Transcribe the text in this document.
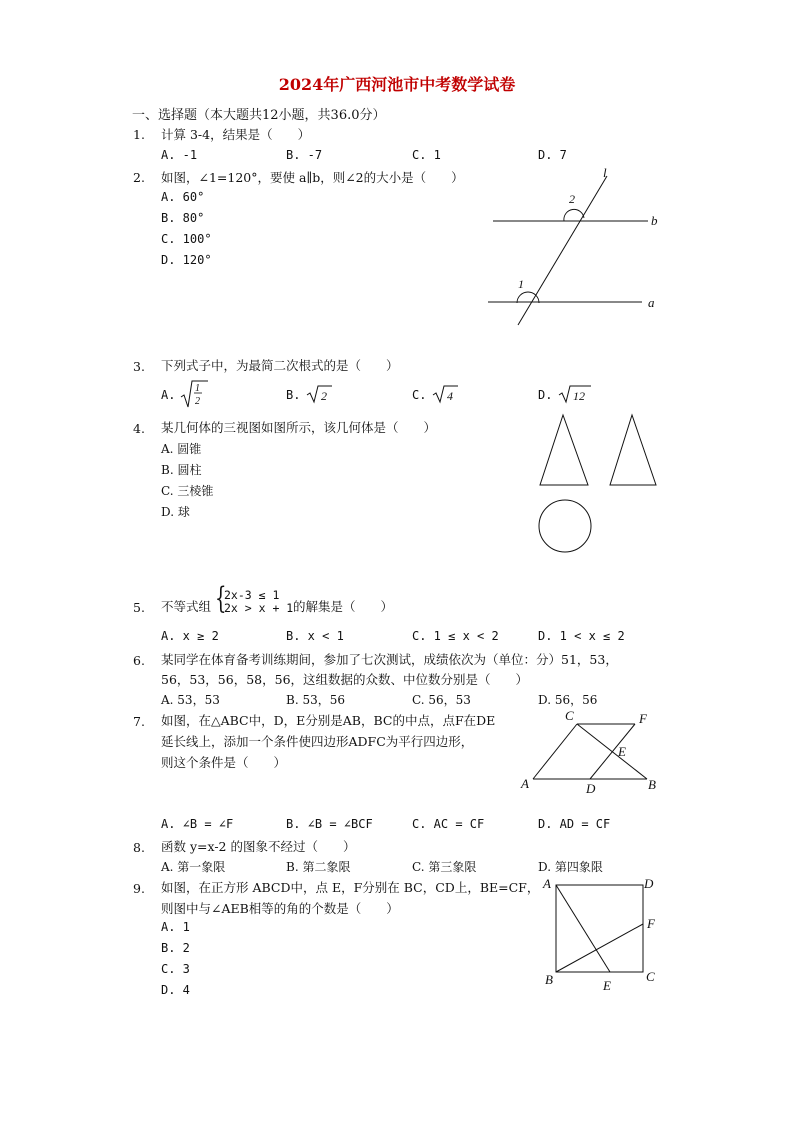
2024年广西河池市中考数学试卷
一、选择题（本大题共12小题，共36.0分）
1. 计算 3-4，结果是（　　）
A. -1	B. -7	C. 1	D. 7
2. 如图，∠1=120°，要使 a∥b，则∠2的大小是（　　）
A. 60°
B. 80°
C. 100°
D. 120°
l
b
a
1
2
3. 下列式子中，为最简二次根式的是（　　）
A. 1
2	B. 2	C. 4	D. 12
4. 某几何体的三视图如图所示，该几何体是（　　）
A. 圆锥
B. 圆柱
C. 三棱锥
D. 球
5. 不等式组 {
2x-3 ≤ 1
2x > x + 1 的解集是（　　）
A. x ≥ 2	B. x < 1	C. 1 ≤ x < 2	D. 1 < x ≤ 2
6. 某同学在体育备考训练期间，参加了七次测试，成绩依次为（单位：分）51，53，
56，53，56，58，56，这组数据的众数、中位数分别是（　　）
A. 53，53	B. 53，56	C. 56，53	D. 56，56
7. 如图，在△ABC中，D，E分别是AB，BC的中点，点F在DE
延长线上，添加一个条件使四边形ADFC为平行四边形，
则这个条件是（　　）
A. ∠B = ∠F	B. ∠B = ∠BCF	C. AC = CF	D. AD = CF
C	F
E
A	D	B
8. 函数 y=x-2 的图象不经过（　　）
A. 第一象限	B. 第二象限	C. 第三象限	D. 第四象限
9. 如图，在正方形 ABCD中，点 E，F分别在 BC，CD上，BE=CF，
则图中与∠AEB相等的角的个数是（　　）
A. 1
B. 2
C. 3
D. 4
A	D
F
B	E
C
